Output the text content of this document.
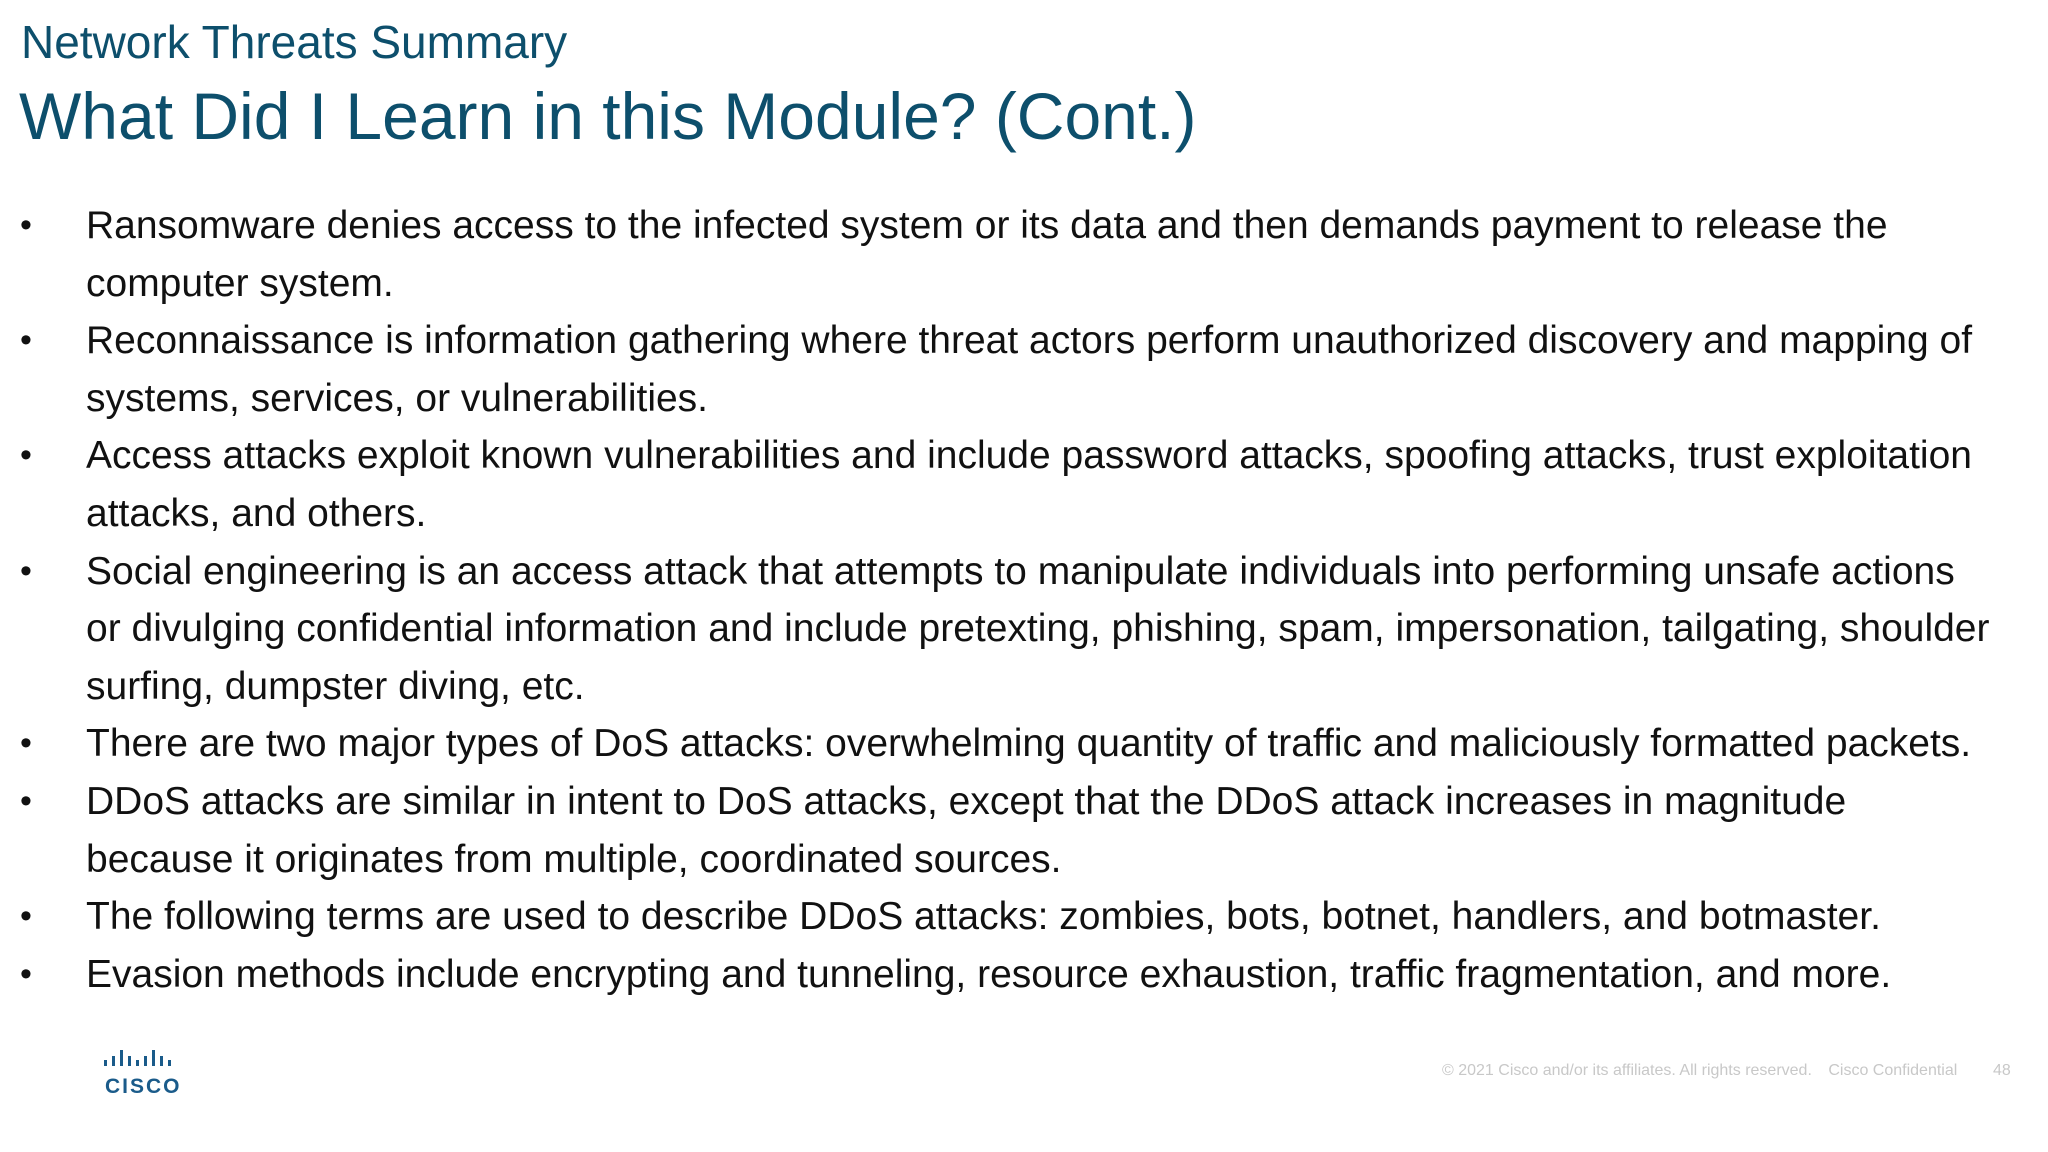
Network Threats Summary
What Did I Learn in this Module? (Cont.)
• Ransomware denies access to the infected system or its data and then demands payment to release the computer system.
• Reconnaissance is information gathering where threat actors perform unauthorized discovery and mapping of systems, services, or vulnerabilities.
• Access attacks exploit known vulnerabilities and include password attacks, spoofing attacks, trust exploitation attacks, and others.
• Social engineering is an access attack that attempts to manipulate individuals into performing unsafe actions or divulging confidential information and include pretexting, phishing, spam, impersonation, tailgating, shoulder surfing, dumpster diving, etc.
• There are two major types of DoS attacks: overwhelming quantity of traffic and maliciously formatted packets.
• DDoS attacks are similar in intent to DoS attacks, except that the DDoS attack increases in magnitude because it originates from multiple, coordinated sources.
• The following terms are used to describe DDoS attacks: zombies, bots, botnet, handlers, and botmaster.
• Evasion methods include encrypting and tunneling, resource exhaustion, traffic fragmentation, and more.
CISCO
© 2021 Cisco and/or its affiliates. All rights reserved. Cisco Confidential	48
